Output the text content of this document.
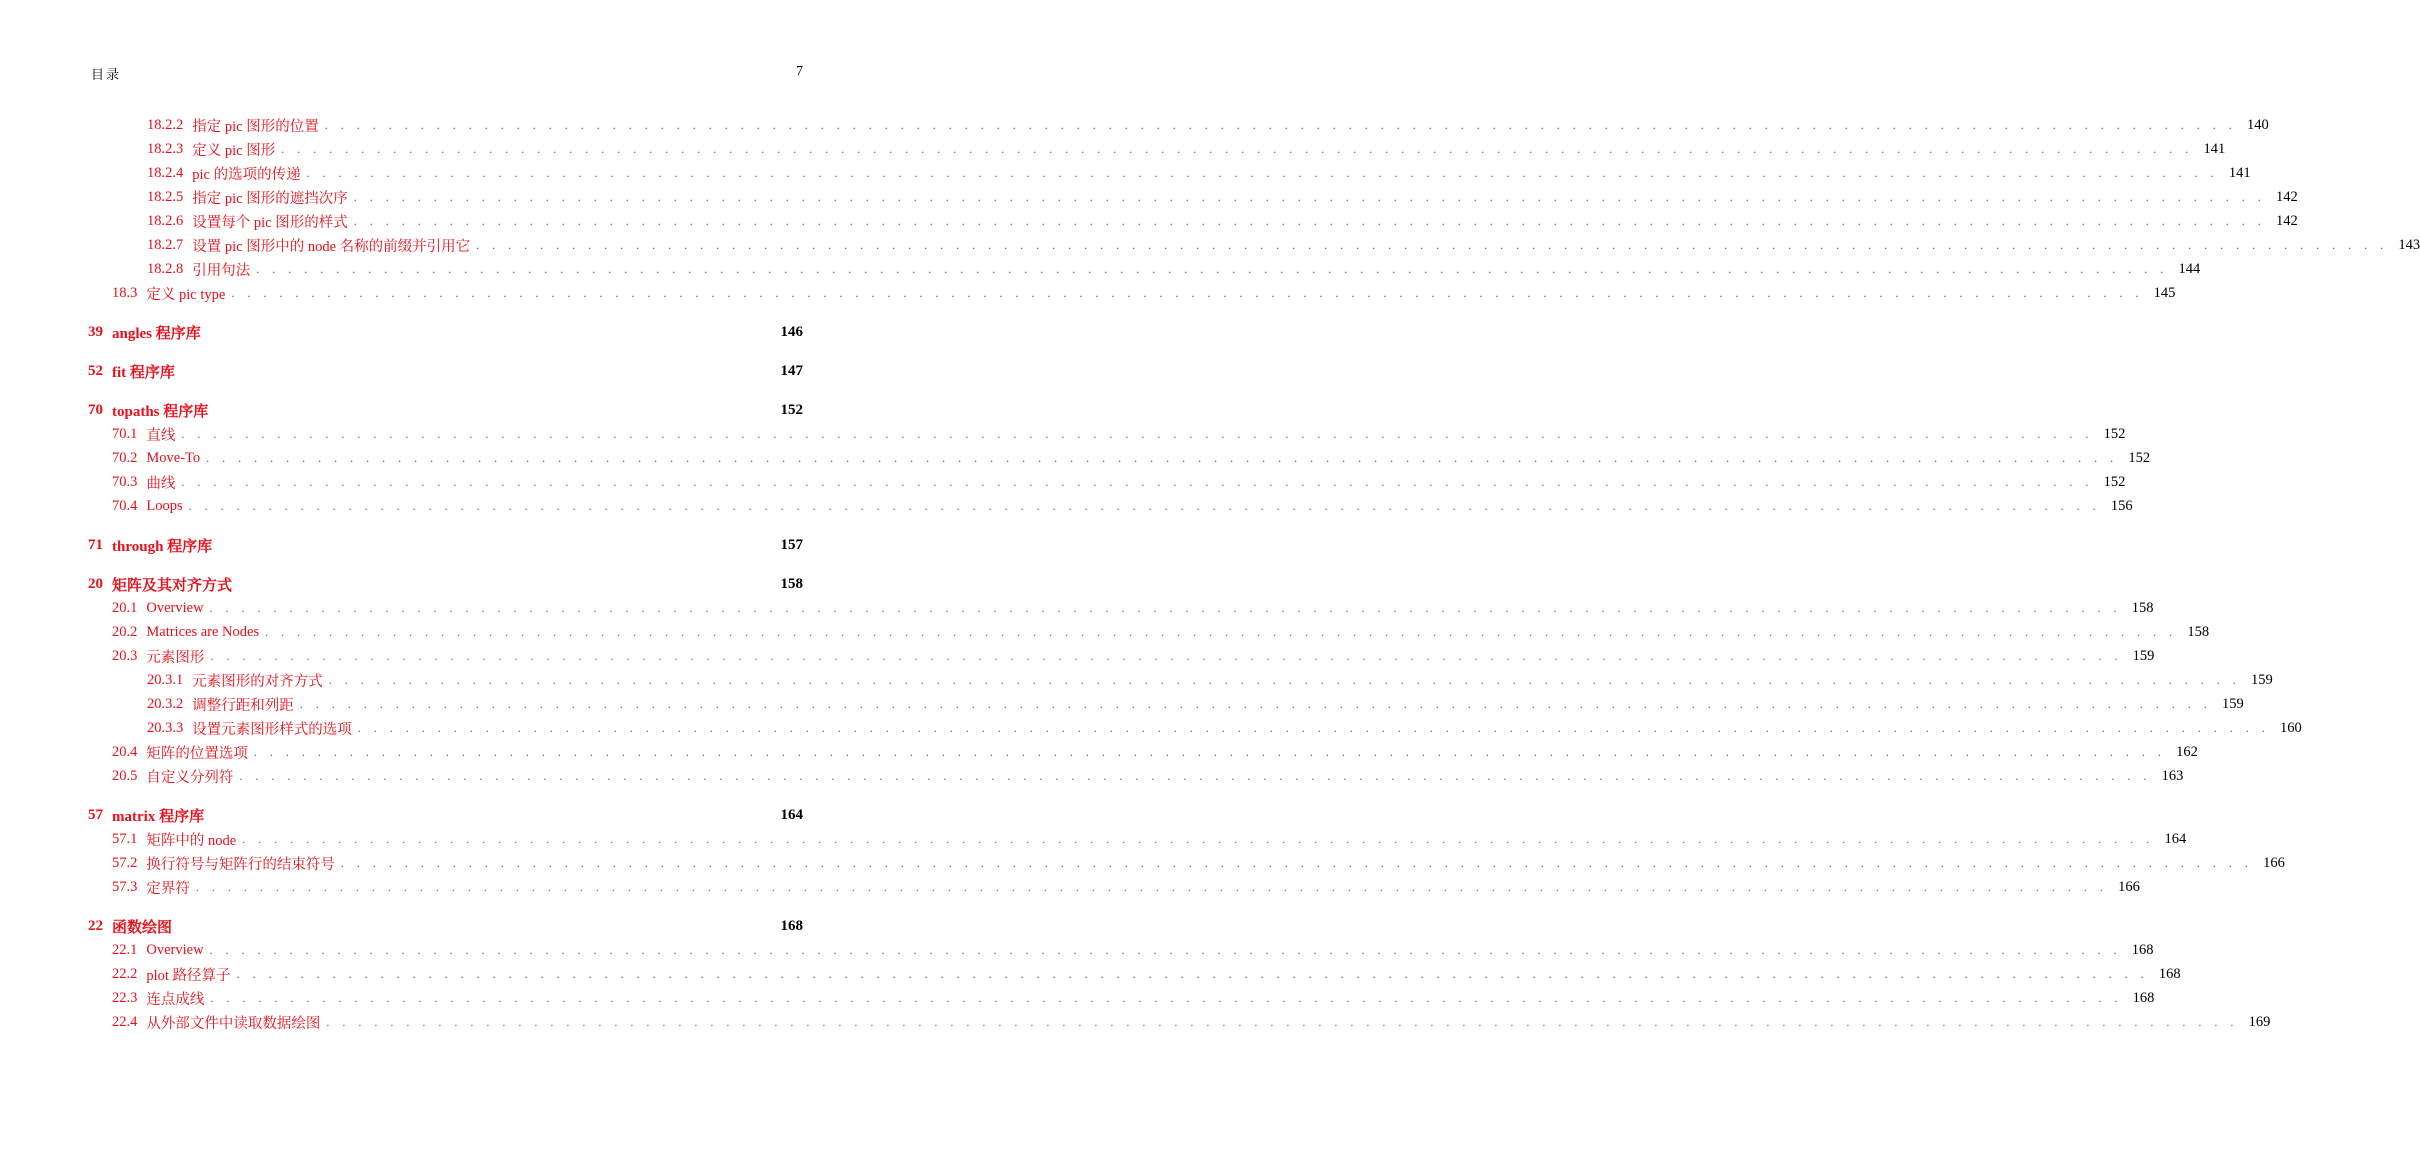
目录	7
18.2.2 指定 pic 图形的位置 . . . . . . . . . . . . . . . . . . . . . . . . . . . . . . . . . . . . . . . . . . . . . . . . . . . . . . . . . . . . . . . . . . . . . . . . . . . . . . . . . . . . . . . . . . . . . . . . . . . . . . . . . . . . . . . . . . . . . . . . 140
18.2.3 定义 pic 图形 . . . . . . . . . . . . . . . . . . . . . . . . . . . . . . . . . . . . . . . . . . . . . . . . . . . . . . . . . . . . . . . . . . . . . . . . . . . . . . . . . . . . . . . . . . . . . . . . . . . . . . . . . . . . . . . . . . . . . . . . 141
18.2.4 pic 的选项的传递 . . . . . . . . . . . . . . . . . . . . . . . . . . . . . . . . . . . . . . . . . . . . . . . . . . . . . . . . . . . . . . . . . . . . . . . . . . . . . . . . . . . . . . . . . . . . . . . . . . . . . . . . . . . . . . . . . . . . . . . . 141
18.2.5 指定 pic 图形的遮挡次序 . . . . . . . . . . . . . . . . . . . . . . . . . . . . . . . . . . . . . . . . . . . . . . . . . . . . . . . . . . . . . . . . . . . . . . . . . . . . . . . . . . . . . . . . . . . . . . . . . . . . . . . . . . . . . . . . . . . . . . . . 142
18.2.6 设置每个 pic 图形的样式 . . . . . . . . . . . . . . . . . . . . . . . . . . . . . . . . . . . . . . . . . . . . . . . . . . . . . . . . . . . . . . . . . . . . . . . . . . . . . . . . . . . . . . . . . . . . . . . . . . . . . . . . . . . . . . . . . . . . . . . . 142
18.2.7 设置 pic 图形中的 node 名称的前缀并引用它 . . . . . . . . . . . . . . . . . . . . . . . . . . . . . . . . . . . . . . . . . . . . . . . . . . . . . . . . . . . . . . . . . . . . . . . . . . . . . . . . . . . . . . . . . . . . . . . . . . . . . . . . . . . . . . . . . . . . . . . . 143
18.2.8 引用句法 . . . . . . . . . . . . . . . . . . . . . . . . . . . . . . . . . . . . . . . . . . . . . . . . . . . . . . . . . . . . . . . . . . . . . . . . . . . . . . . . . . . . . . . . . . . . . . . . . . . . . . . . . . . . . . . . . . . . . . . . 144
18.3 定义 pic type . . . . . . . . . . . . . . . . . . . . . . . . . . . . . . . . . . . . . . . . . . . . . . . . . . . . . . . . . . . . . . . . . . . . . . . . . . . . . . . . . . . . . . . . . . . . . . . . . . . . . . . . . . . . . . . . . . . . . . . . 145
39 angles 程序库	146
52 fit 程序库	147
70 topaths 程序库	152
70.1 直线 . . . . . . . . . . . . . . . . . . . . . . . . . . . . . . . . . . . . . . . . . . . . . . . . . . . . . . . . . . . . . . . . . . . . . . . . . . . . . . . . . . . . . . . . . . . . . . . . . . . . . . . . . . . . . . . . . . . . . . . . 152
70.2 Move-To . . . . . . . . . . . . . . . . . . . . . . . . . . . . . . . . . . . . . . . . . . . . . . . . . . . . . . . . . . . . . . . . . . . . . . . . . . . . . . . . . . . . . . . . . . . . . . . . . . . . . . . . . . . . . . . . . . . . . . . . 152
70.3 曲线 . . . . . . . . . . . . . . . . . . . . . . . . . . . . . . . . . . . . . . . . . . . . . . . . . . . . . . . . . . . . . . . . . . . . . . . . . . . . . . . . . . . . . . . . . . . . . . . . . . . . . . . . . . . . . . . . . . . . . . . . 152
70.4 Loops . . . . . . . . . . . . . . . . . . . . . . . . . . . . . . . . . . . . . . . . . . . . . . . . . . . . . . . . . . . . . . . . . . . . . . . . . . . . . . . . . . . . . . . . . . . . . . . . . . . . . . . . . . . . . . . . . . . . . . . . 156
71 through 程序库	157
20 矩阵及其对齐方式	158
20.1 Overview . . . . . . . . . . . . . . . . . . . . . . . . . . . . . . . . . . . . . . . . . . . . . . . . . . . . . . . . . . . . . . . . . . . . . . . . . . . . . . . . . . . . . . . . . . . . . . . . . . . . . . . . . . . . . . . . . . . . . . . . 158
20.2 Matrices are Nodes . . . . . . . . . . . . . . . . . . . . . . . . . . . . . . . . . . . . . . . . . . . . . . . . . . . . . . . . . . . . . . . . . . . . . . . . . . . . . . . . . . . . . . . . . . . . . . . . . . . . . . . . . . . . . . . . . . . . . . . . 158
20.3 元素图形 . . . . . . . . . . . . . . . . . . . . . . . . . . . . . . . . . . . . . . . . . . . . . . . . . . . . . . . . . . . . . . . . . . . . . . . . . . . . . . . . . . . . . . . . . . . . . . . . . . . . . . . . . . . . . . . . . . . . . . . . 159
20.3.1 元素图形的对齐方式 . . . . . . . . . . . . . . . . . . . . . . . . . . . . . . . . . . . . . . . . . . . . . . . . . . . . . . . . . . . . . . . . . . . . . . . . . . . . . . . . . . . . . . . . . . . . . . . . . . . . . . . . . . . . . . . . . . . . . . . . 159
20.3.2 调整行距和列距 . . . . . . . . . . . . . . . . . . . . . . . . . . . . . . . . . . . . . . . . . . . . . . . . . . . . . . . . . . . . . . . . . . . . . . . . . . . . . . . . . . . . . . . . . . . . . . . . . . . . . . . . . . . . . . . . . . . . . . . . 159
20.3.3 设置元素图形样式的选项 . . . . . . . . . . . . . . . . . . . . . . . . . . . . . . . . . . . . . . . . . . . . . . . . . . . . . . . . . . . . . . . . . . . . . . . . . . . . . . . . . . . . . . . . . . . . . . . . . . . . . . . . . . . . . . . . . . . . . . . . 160
20.4 矩阵的位置选项 . . . . . . . . . . . . . . . . . . . . . . . . . . . . . . . . . . . . . . . . . . . . . . . . . . . . . . . . . . . . . . . . . . . . . . . . . . . . . . . . . . . . . . . . . . . . . . . . . . . . . . . . . . . . . . . . . . . . . . . . 162
20.5 自定义分列符 . . . . . . . . . . . . . . . . . . . . . . . . . . . . . . . . . . . . . . . . . . . . . . . . . . . . . . . . . . . . . . . . . . . . . . . . . . . . . . . . . . . . . . . . . . . . . . . . . . . . . . . . . . . . . . . . . . . . . . . . 163
57 matrix 程序库	164
57.1 矩阵中的 node . . . . . . . . . . . . . . . . . . . . . . . . . . . . . . . . . . . . . . . . . . . . . . . . . . . . . . . . . . . . . . . . . . . . . . . . . . . . . . . . . . . . . . . . . . . . . . . . . . . . . . . . . . . . . . . . . . . . . . . . 164
57.2 换行符号与矩阵行的结束符号 . . . . . . . . . . . . . . . . . . . . . . . . . . . . . . . . . . . . . . . . . . . . . . . . . . . . . . . . . . . . . . . . . . . . . . . . . . . . . . . . . . . . . . . . . . . . . . . . . . . . . . . . . . . . . . . . . . . . . . . . 166
57.3 定界符 . . . . . . . . . . . . . . . . . . . . . . . . . . . . . . . . . . . . . . . . . . . . . . . . . . . . . . . . . . . . . . . . . . . . . . . . . . . . . . . . . . . . . . . . . . . . . . . . . . . . . . . . . . . . . . . . . . . . . . . . 166
22 函数绘图	168
22.1 Overview . . . . . . . . . . . . . . . . . . . . . . . . . . . . . . . . . . . . . . . . . . . . . . . . . . . . . . . . . . . . . . . . . . . . . . . . . . . . . . . . . . . . . . . . . . . . . . . . . . . . . . . . . . . . . . . . . . . . . . . . 168
22.2 plot 路径算子 . . . . . . . . . . . . . . . . . . . . . . . . . . . . . . . . . . . . . . . . . . . . . . . . . . . . . . . . . . . . . . . . . . . . . . . . . . . . . . . . . . . . . . . . . . . . . . . . . . . . . . . . . . . . . . . . . . . . . . . . 168
22.3 连点成线 . . . . . . . . . . . . . . . . . . . . . . . . . . . . . . . . . . . . . . . . . . . . . . . . . . . . . . . . . . . . . . . . . . . . . . . . . . . . . . . . . . . . . . . . . . . . . . . . . . . . . . . . . . . . . . . . . . . . . . . . 168
22.4 从外部文件中读取数据绘图 . . . . . . . . . . . . . . . . . . . . . . . . . . . . . . . . . . . . . . . . . . . . . . . . . . . . . . . . . . . . . . . . . . . . . . . . . . . . . . . . . . . . . . . . . . . . . . . . . . . . . . . . . . . . . . . . . . . . . . . . 169
